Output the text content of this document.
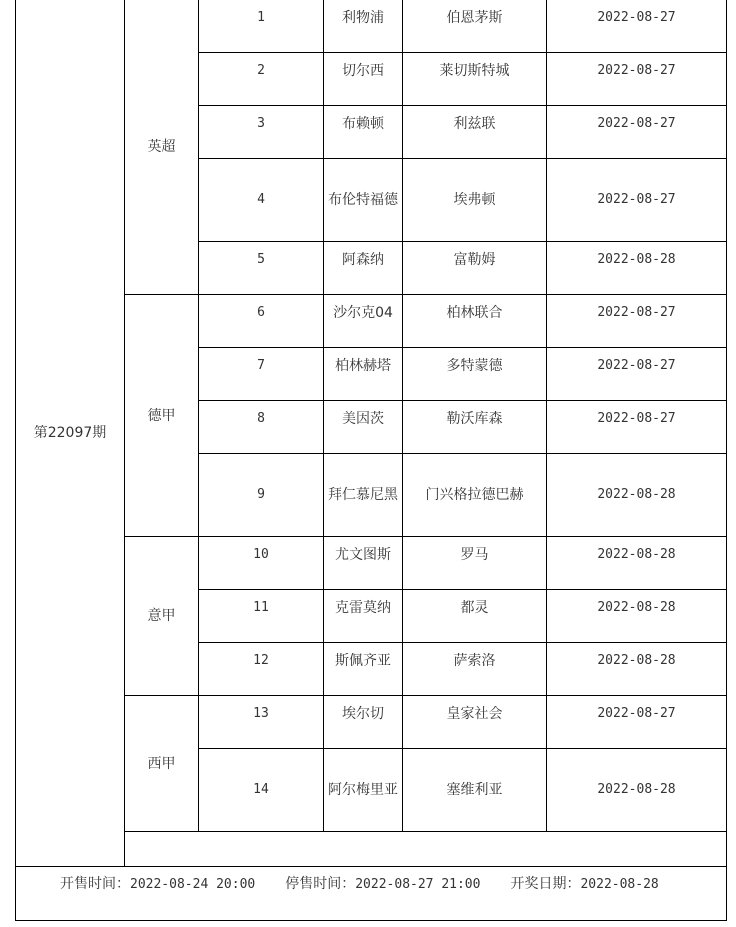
第22097期	英超	1	利物浦	伯恩茅斯	2022-08-27
		2	切尔西	莱切斯特城	2022-08-27
		3	布赖顿	利兹联	2022-08-27
		4	布伦特福德	埃弗顿	2022-08-27
		5	阿森纳	富勒姆	2022-08-28
	德甲	6	沙尔克04	柏林联合	2022-08-27
		7	柏林赫塔	多特蒙德	2022-08-27
		8	美因茨	勒沃库森	2022-08-27
		9	拜仁慕尼黑	门兴格拉德巴赫	2022-08-28
	意甲	10	尤文图斯	罗马	2022-08-28
		11	克雷莫纳	都灵	2022-08-28
		12	斯佩齐亚	萨索洛	2022-08-28
	西甲	13	埃尔切	皇家社会	2022-08-27
		14	阿尔梅里亚	塞维利亚	2022-08-28

开售时间：2022-08-24 20:00 停售时间：2022-08-27 21:00 开奖日期：2022-08-28					
